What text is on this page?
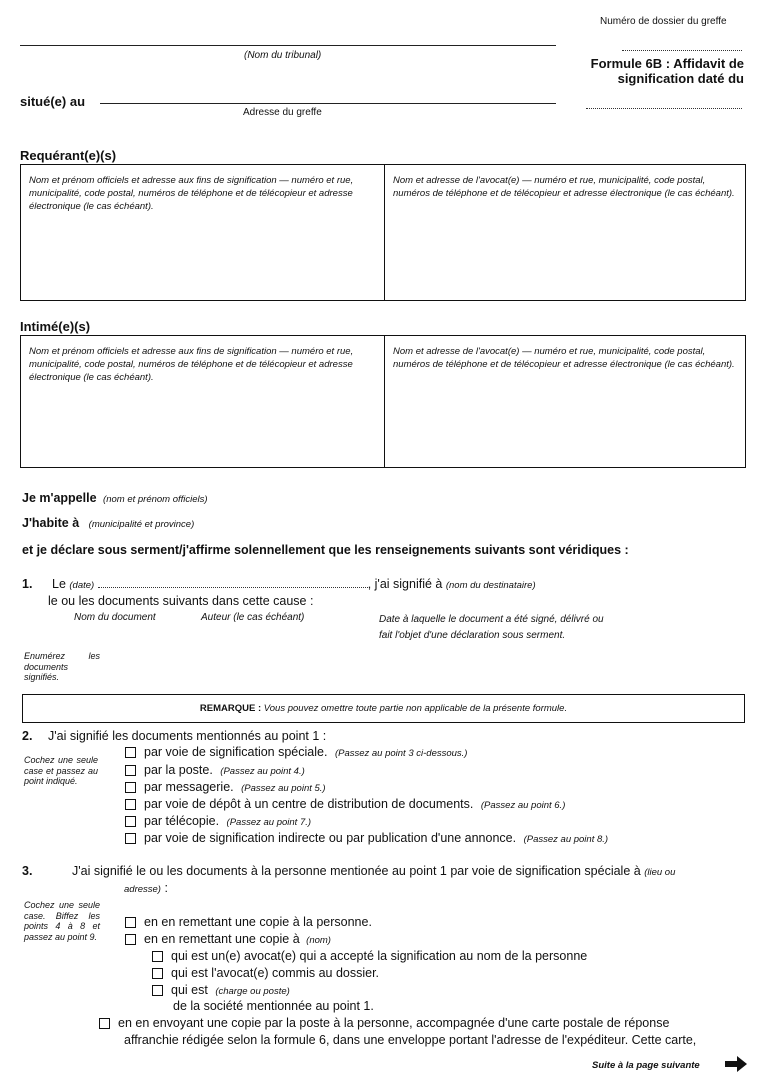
Numéro de dossier du greffe
(Nom du tribunal)
Formule 6B : Affidavit de
signification daté du
situé(e) au
Adresse du greffe
Requérant(e)(s)
Nom et prénom officiels et adresse aux fins de signification — numéro et rue, municipalité, code postal, numéros de téléphone et de télécopieur et adresse électronique (le cas échéant).
Nom et adresse de l'avocat(e) — numéro et rue, municipalité, code postal, numéros de téléphone et de télécopieur et adresse électronique (le cas échéant).
Intimé(e)(s)
Nom et prénom officiels et adresse aux fins de signification — numéro et rue, municipalité, code postal, numéros de téléphone et de télécopieur et adresse électronique (le cas échéant).
Nom et adresse de l'avocat(e) — numéro et rue, municipalité, code postal, numéros de téléphone et de télécopieur et adresse électronique (le cas échéant).
Je m'appelle (nom et prénom officiels)
J'habite à (municipalité et province)
et je déclare sous serment/j'affirme solennellement que les renseignements suivants sont véridiques :
1. Le (date)	, j'ai signifié à (nom du destinataire)
le ou les documents suivants dans cette cause :
Nom du document	Auteur (le cas échéant)	Date à laquelle le document a été signé, délivré ou
fait l'objet d'une déclaration sous serment.
Enumérez les documents signifiés.
REMARQUE : Vous pouvez omettre toute partie non applicable de la présente formule.
2. J'ai signifié les documents mentionnés au point 1 :
Cochez une seule case et passez au point indiqué.
par voie de signification spéciale. (Passez au point 3 ci-dessous.)
par la poste. (Passez au point 4.)
par messagerie. (Passez au point 5.)
par voie de dépôt à un centre de distribution de documents. (Passez au point 6.)
par télécopie. (Passez au point 7.)
par voie de signification indirecte ou par publication d'une annonce. (Passez au point 8.)
3.	J'ai signifié le ou les documents à la personne mentionée au point 1 par voie de signification spéciale à (lieu ou
adresse) :
Cochez une seule case. Biffez les points 4 à 8 et passez au point 9.
en en remettant une copie à la personne.
en en remettant une copie à (nom)
qui est un(e) avocat(e) qui a accepté la signification au nom de la personne
qui est l'avocat(e) commis au dossier.
qui est (charge ou poste)
de la société mentionnée au point 1.
en en envoyant une copie par la poste à la personne, accompagnée d'une carte postale de réponse
affranchie rédigée selon la formule 6, dans une enveloppe portant l'adresse de l'expéditeur. Cette carte,
Suite à la page suivante
